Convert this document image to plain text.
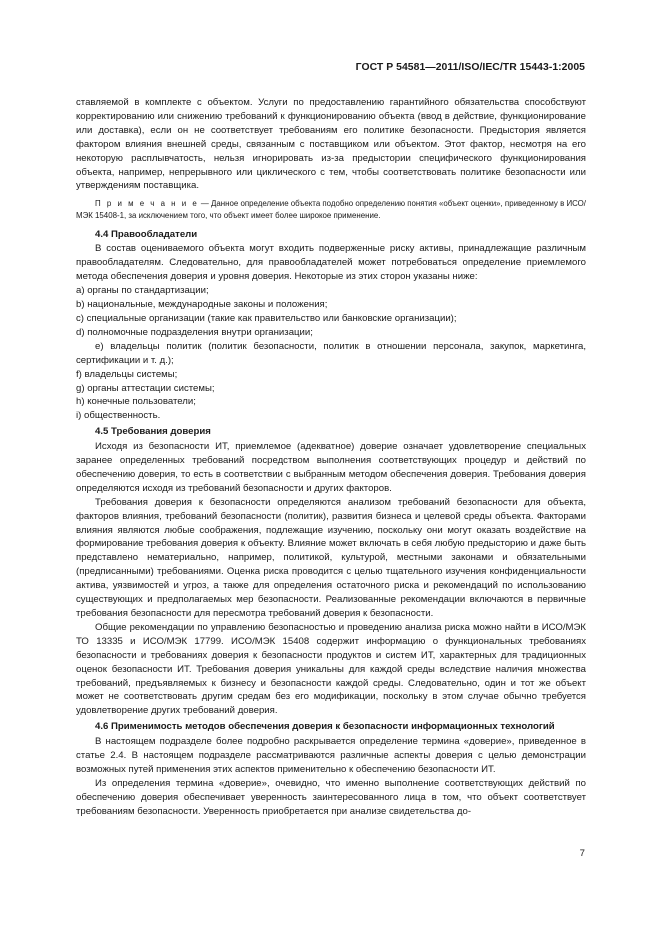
ГОСТ Р 54581—2011/ISO/IEC/TR 15443-1:2005

ставляемой в комплекте с объектом. Услуги по предоставлению гарантийного обязательства способствуют корректированию или снижению требований к функционированию объекта (ввод в действие, функционирование или доставка), если он не соответствует требованиям его политике безопасности. Предыстория является фактором влияния внешней среды, связанным с поставщиком или объектом. Этот фактор, несмотря на его некоторую расплывчатость, нельзя игнорировать из-за предыстории специфического функционирования объекта, например, непрерывного или циклического с тем, чтобы соответствовать политике безопасности или утверждениям поставщика.

П р и м е ч а н и е — Данное определение объекта подобно определению понятия «объект оценки», приведенному в ИСО/МЭК 15408-1, за исключением того, что объект имеет более широкое применение.

4.4 Правообладатели

В состав оцениваемого объекта могут входить подверженные риску активы, принадлежащие различным правообладателям. Следовательно, для правообладателей может потребоваться определение приемлемого метода обеспечения доверия и уровня доверия. Некоторые из этих сторон указаны ниже:

a) органы по стандартизации;
b) национальные, международные законы и положения;
c) специальные организации (такие как правительство или банковские организации);
d) полномочные подразделения внутри организации;
e) владельцы политик (политик безопасности, политик в отношении персонала, закупок, маркетинга, сертификации и т. д.);
f) владельцы системы;
g) органы аттестации системы;
h) конечные пользователи;
i) общественность.
4.5 Требования доверия

Исходя из безопасности ИТ, приемлемое (адекватное) доверие означает удовлетворение специальных заранее определенных требований посредством выполнения соответствующих процедур и действий по обеспечению доверия, то есть в соответствии с выбранным методом обеспечения доверия. Требования доверия определяются исходя из требований безопасности и других факторов.

Требования доверия к безопасности определяются анализом требований безопасности для объекта, факторов влияния, требований безопасности (политик), развития бизнеса и целевой среды объекта. Факторами влияния являются любые соображения, подлежащие изучению, поскольку они могут оказать воздействие на формирование требования доверия к объекту. Влияние может включать в себя любую предысторию и даже быть представлено нематериально, например, политикой, культурой, местными законами и обязательными (предписанными) требованиями. Оценка риска проводится с целью тщательного изучения конфиденциальности актива, уязвимостей и угроз, а также для определения остаточного риска и рекомендаций по использованию существующих и предполагаемых мер безопасности. Реализованные рекомендации включаются в первичные требования безопасности для пересмотра требований доверия к безопасности.

Общие рекомендации по управлению безопасностью и проведению анализа риска можно найти в ИСО/МЭК ТО 13335 и ИСО/МЭК 17799. ИСО/МЭК 15408 содержит информацию о функциональных требованиях безопасности и требованиях доверия к безопасности продуктов и систем ИТ, характерных для традиционных оценок безопасности ИТ. Требования доверия уникальны для каждой среды вследствие наличия множества требований, предъявляемых к бизнесу и безопасности каждой среды. Следовательно, один и тот же объект может не соответствовать другим средам без его модификации, поскольку в этом случае обычно требуется удовлетворение других требований доверия.

4.6 Применимость методов обеспечения доверия к безопасности информационных технологий

В настоящем подразделе более подробно раскрывается определение термина «доверие», приведенное в статье 2.4. В настоящем подразделе рассматриваются различные аспекты доверия с целью демонстрации возможных путей применения этих аспектов применительно к обеспечению безопасности ИТ.

Из определения термина «доверие», очевидно, что именно выполнение соответствующих действий по обеспечению доверия обеспечивает уверенность заинтересованного лица в том, что объект соответствует требованиям безопасности. Уверенность приобретается при анализе свидетельства до-

7
